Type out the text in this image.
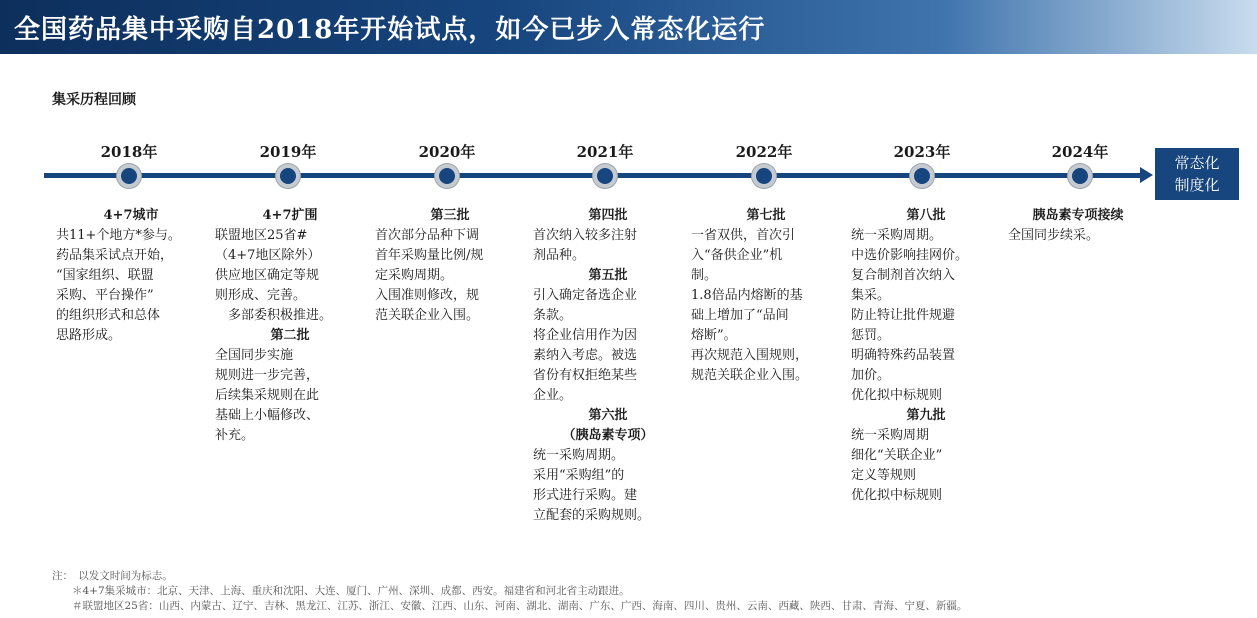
全国药品集中采购自2018年开始试点，如今已步入常态化运行
集采历程回顾
常态化
制度化
2018年
4+7城市
共11+个地方*参与。
药品集采试点开始，
“国家组织、联盟
采购、平台操作”
的组织形式和总体
思路形成。
2019年
4+7扩围
联盟地区25省#
（4+7地区除外）
供应地区确定等规
则形成、完善。
　多部委积极推进。
第二批
全国同步实施
规则进一步完善，
后续集采规则在此
基础上小幅修改、
补充。
2020年
第三批
首次部分品种下调
首年采购量比例/规
定采购周期。
入围准则修改，规
范关联企业入围。
2021年
第四批
首次纳入较多注射
剂品种。
第五批
引入确定备选企业
条款。
将企业信用作为因
素纳入考虑。被选
省份有权拒绝某些
企业。
第六批
（胰岛素专项）
统一采购周期。
采用“采购组”的
形式进行采购。建
立配套的采购规则。
2022年
第七批
一省双供，首次引
入“备供企业”机
制。
1.8倍品内熔断的基
础上增加了“品间
熔断”。
再次规范入围规则，
规范关联企业入围。
2023年
第八批
统一采购周期。
中选价影响挂网价。
复合制剂首次纳入
集采。
防止特让批件规避
惩罚。
明确特殊药品装置
加价。
优化拟中标规则
第九批
统一采购周期
细化“关联企业”
定义等规则
优化拟中标规则
2024年
胰岛素专项接续
全国同步续采。
注：　以发文时间为标志。
＊4+7集采城市：北京、天津、上海、重庆和沈阳、大连、厦门、广州、深圳、成都、西安。福建省和河北省主动跟进。
＃联盟地区25省：山西、内蒙古、辽宁、吉林、黑龙江、江苏、浙江、安徽、江西、山东、河南、湖北、湖南、广东、广西、海南、四川、贵州、云南、西藏、陕西、甘肃、青海、宁夏、新疆。
